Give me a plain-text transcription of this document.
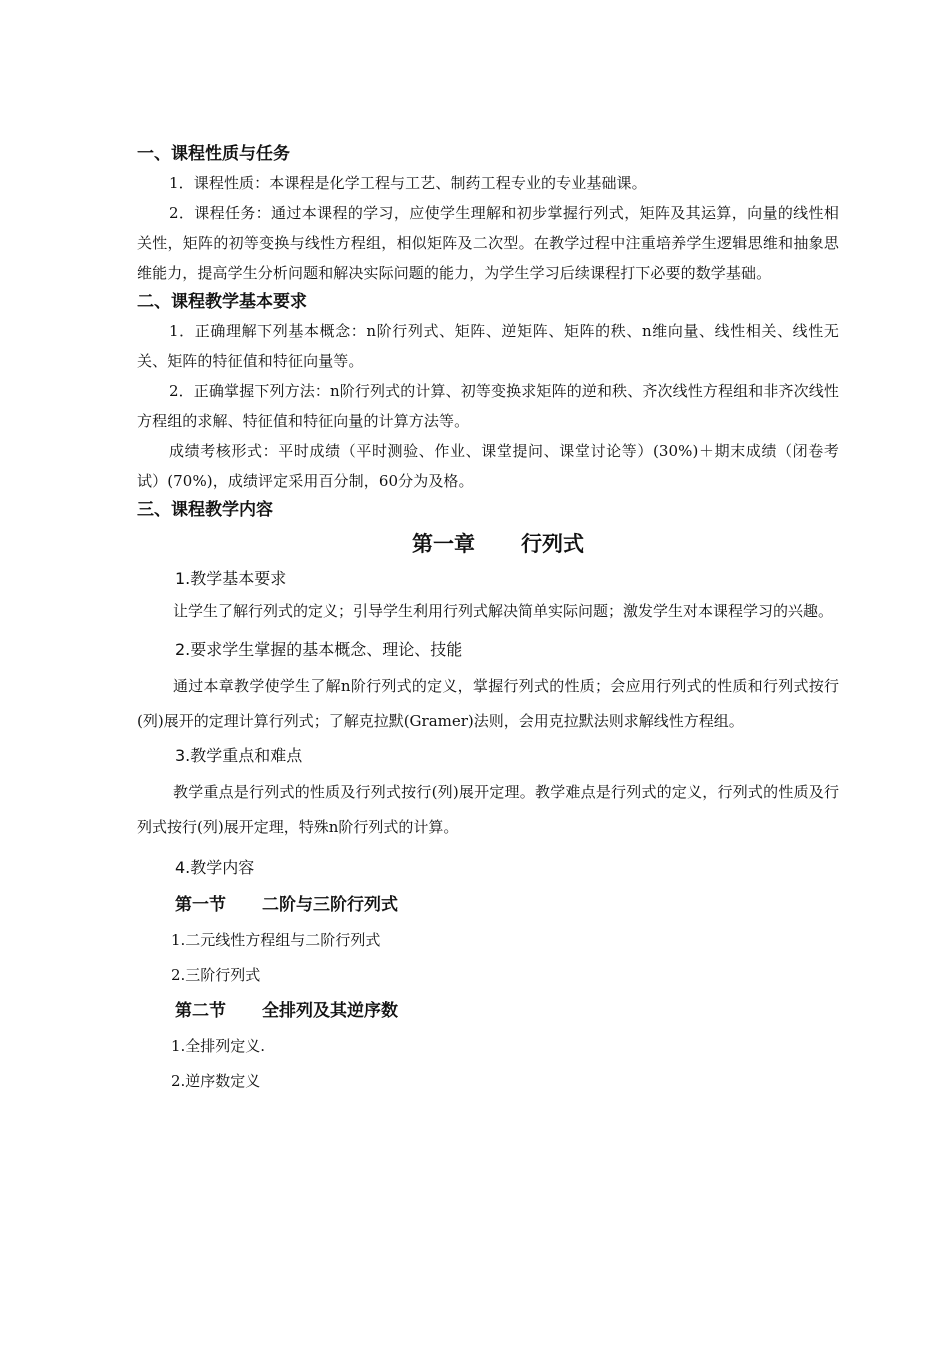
一、课程性质与任务

1．课程性质：本课程是化学工程与工艺、制药工程专业的专业基础课。

2．课程任务：通过本课程的学习，应使学生理解和初步掌握行列式，矩阵及其运算，向量的线性相关性，矩阵的初等变换与线性方程组，相似矩阵及二次型。在教学过程中注重培养学生逻辑思维和抽象思维能力，提高学生分析问题和解决实际问题的能力，为学生学习后续课程打下必要的数学基础。

二、课程教学基本要求

1．正确理解下列基本概念：n阶行列式、矩阵、逆矩阵、矩阵的秩、n维向量、线性相关、线性无关、矩阵的特征值和特征向量等。

2．正确掌握下列方法：n阶行列式的计算、初等变换求矩阵的逆和秩、齐次线性方程组和非齐次线性方程组的求解、特征值和特征向量的计算方法等。

成绩考核形式：平时成绩（平时测验、作业、课堂提问、课堂讨论等）(30%)＋期末成绩（闭卷考试）(70%)，成绩评定采用百分制，60分为及格。

三、课程教学内容

第一章 行列式

1.教学基本要求

让学生了解行列式的定义；引导学生利用行列式解决简单实际问题；激发学生对本课程学习的兴趣。

2.要求学生掌握的基本概念、理论、技能

通过本章教学使学生了解n阶行列式的定义，掌握行列式的性质；会应用行列式的性质和行列式按行(列)展开的定理计算行列式；了解克拉默(Gramer)法则，会用克拉默法则求解线性方程组。

3.教学重点和难点

教学重点是行列式的性质及行列式按行(列)展开定理。教学难点是行列式的定义，行列式的性质及行列式按行(列)展开定理，特殊n阶行列式的计算。

4.教学内容

第一节 二阶与三阶行列式

1.二元线性方程组与二阶行列式

2.三阶行列式

第二节 全排列及其逆序数

1.全排列定义.

2.逆序数定义
